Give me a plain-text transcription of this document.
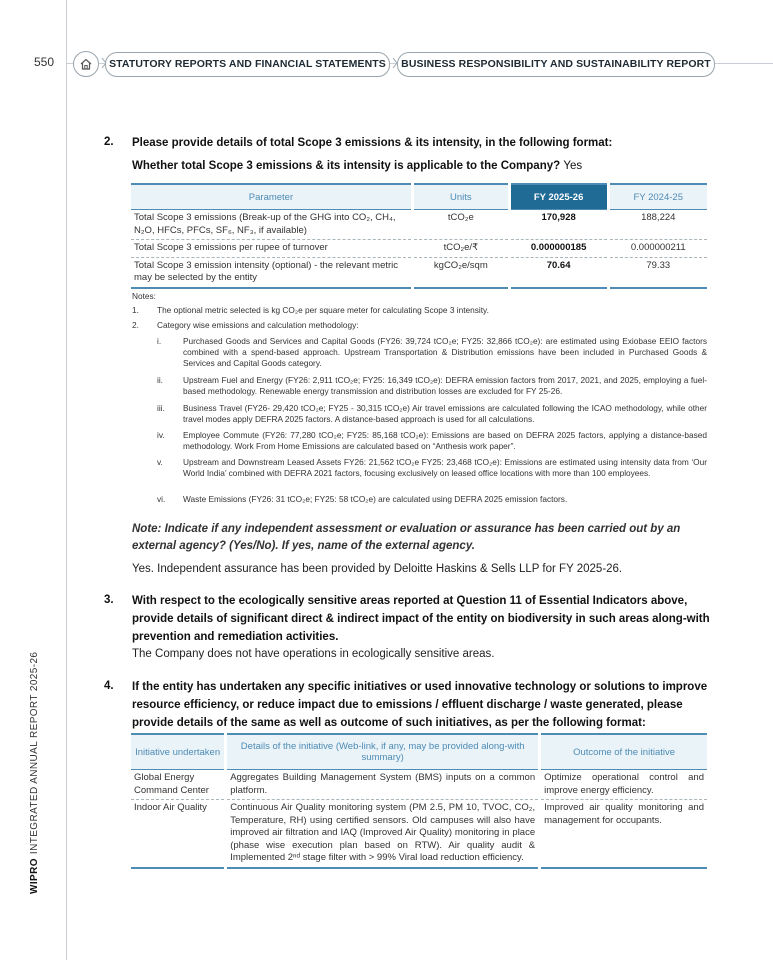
550	STATUTORY REPORTS AND FINANCIAL STATEMENTS	BUSINESS RESPONSIBILITY AND SUSTAINABILITY REPORT
WIPROINTEGRATED ANNUAL REPORT 2025-26
2. Please provide details of total Scope 3 emissions & its intensity, in the following format:
Whether total Scope 3 emissions & its intensity is applicable to the Company? Yes
Parameter	Units	FY 2025-26	FY 2024-25
Total Scope 3 emissions (Break-up of the GHG into CO₂, CH₄, N₂O, HFCs, PFCs, SF₆, NF₃, if available)	tCO₂e	170,928	188,224
Total Scope 3 emissions per rupee of turnover	tCO₂e/₹	0.000000185	0.000000211
Total Scope 3 emission intensity (optional) - the relevant metric may be selected by the entity	kgCO₂e/sqm	70.64	79.33
Notes:
1. The optional metric selected is kg CO₂e per square meter for calculating Scope 3 intensity.
2. Category wise emissions and calculation methodology:
i.	Purchased Goods and Services and Capital Goods (FY26: 39,724 tCO₂e; FY25: 32,866 tCO₂e): are estimated using Exiobase EEIO factors combined with a spend-based approach. Upstream Transportation & Distribution emissions have been included in Purchased Goods & Services and Capital Goods category.
ii. Upstream Fuel and Energy (FY26: 2,911 tCO₂e; FY25: 16,349 tCO₂e): DEFRA emission factors from 2017, 2021, and 2025, employing a fuel-based methodology. Renewable energy transmission and distribution losses are excluded for FY 25-26.
iii. Business Travel (FY26- 29,420 tCO₂e; FY25 - 30,315 tCO₂e) Air travel emissions are calculated following the ICAO methodology, while other travel modes apply DEFRA 2025 factors. A distance-based approach is used for all calculations.
iv. Employee Commute (FY26: 77,280 tCO₂e; FY25: 85,168 tCO₂e): Emissions are based on DEFRA 2025 factors, applying a distance-based methodology. Work From Home Emissions are calculated based on “Anthesis work paper”.
v. Upstream and Downstream Leased Assets FY26: 21,562 tCO₂e FY25: 23,468 tCO₂e): Emissions are estimated using intensity data from ‘Our World India’ combined with DEFRA 2021 factors, focusing exclusively on leased office locations with more than 100 employees.
vi. Waste Emissions (FY26: 31 tCO₂e; FY25: 58 tCO₂e) are calculated using DEFRA 2025 emission factors.
Note: Indicate if any independent assessment or evaluation or assurance has been carried out by an external agency? (Yes/No). If yes, name of the external agency.
Yes. Independent assurance has been provided by Deloitte Haskins & Sells LLP for FY 2025-26.
3. With respect to the ecologically sensitive areas reported at Question 11 of Essential Indicators above, provide details of significant direct & indirect impact of the entity on biodiversity in such areas along-with prevention and remediation activities.
The Company does not have operations in ecologically sensitive areas.
4. If the entity has undertaken any specific initiatives or used innovative technology or solutions to improve resource efficiency, or reduce impact due to emissions / effluent discharge / waste generated, please provide details of the same as well as outcome of such initiatives, as per the following format:
Initiative undertaken	Details of the initiative (Web-link, if any, may be provided along-with summary)	Outcome of the initiative
Global Energy Command Center	Aggregates Building Management System (BMS) inputs on a common platform.	Optimize operational control and improve energy efficiency.
Indoor Air Quality	Continuous Air Quality monitoring system (PM 2.5, PM 10, TVOC, CO₂, Temperature, RH) using certified sensors. Old campuses will also have improved air filtration and IAQ (Improved Air Quality) monitoring in place (phase wise execution plan based on RTW). Air quality audit & Implemented 2ⁿᵈ stage filter with > 99% Viral load reduction efficiency.	Improved air quality monitoring and management for occupants.
